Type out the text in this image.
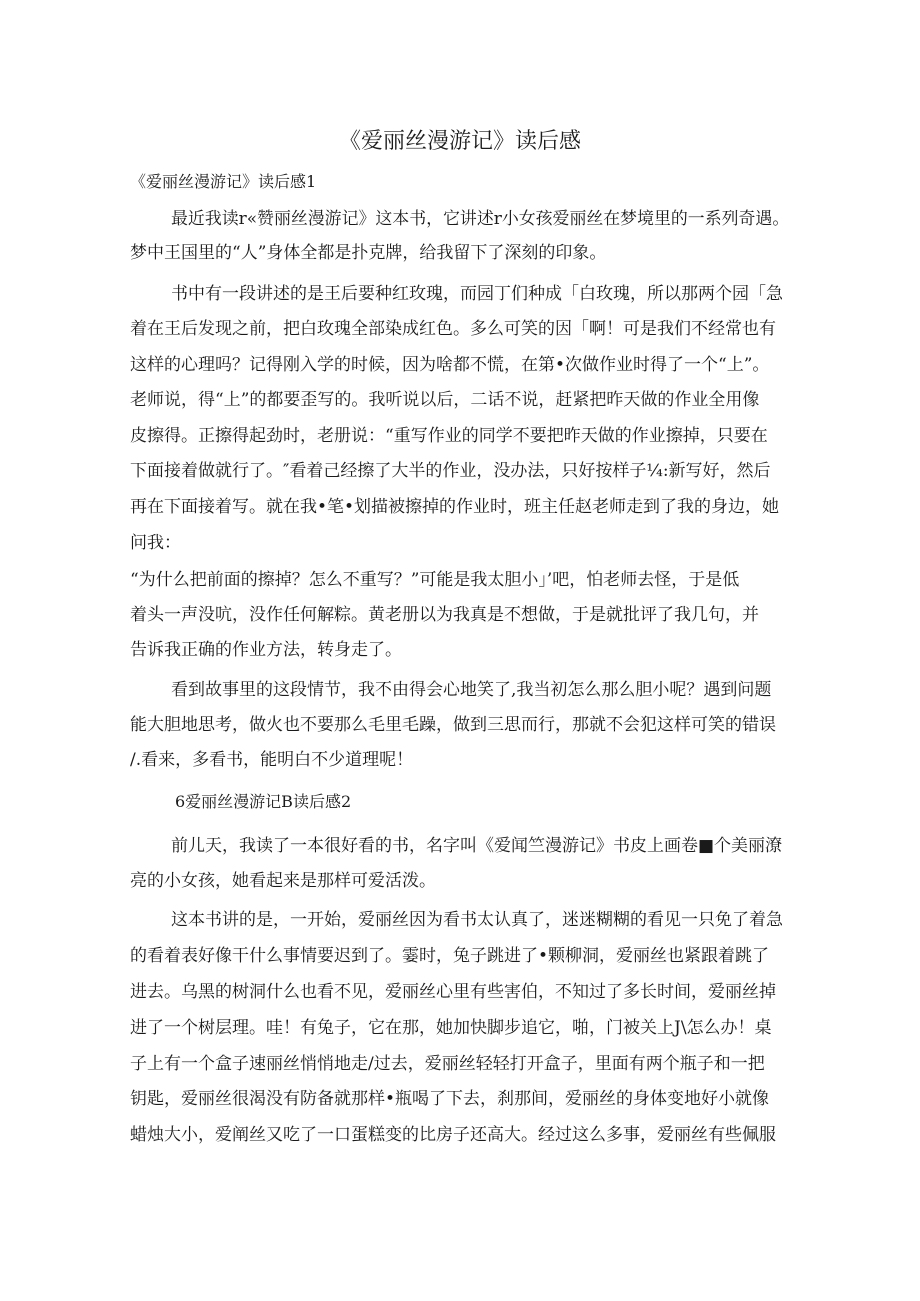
《爱丽丝漫游记》读后感

《爱丽丝漫游记》读后感1

最近我读r«赞丽丝漫游记》这本书，它讲述r小女孩爱丽丝在梦境里的一系列奇遇。

梦中王国里的“人”身体全都是扑克牌，给我留下了深刻的印象。

书中有一段讲述的是王后要种红玫瑰，而园丁们种成「白玫瑰，所以那两个园「急

着在王后发现之前，把白玫瑰全部染成红色。多么可笑的因「啊！可是我们不经常也有

这样的心理吗？记得刚入学的时候，因为啥都不慌，在第•次做作业时得了一个“上”。

老师说，得“上”的都要歪写的。我听说以后，二话不说，赶紧把昨天做的作业全用像

皮擦得。正擦得起劲时，老册说：“重写作业的同学不要把昨天做的作业擦掉，只要在

下面接着做就行了。″看着己经擦了大半的作业，没办法，只好按样子¼:新写好，然后

再在下面接着写。就在我•笔•划描被擦掉的作业时，班主任赵老师走到了我的身边，她

问我：

“为什么把前面的擦掉？怎么不重写？”可能是我太胆小」’吧，怕老师去怪，于是低

着头一声没吭，没作任何解粽。黄老册以为我真是不想做，于是就批评了我几句，并

告诉我正确的作业方法，转身走了。

看到故事里的这段情节，我不由得会心地笑了,我当初怎么那么胆小呢？遇到问题

能大胆地思考，做火也不要那么毛里毛躁，做到三思而行，那就不会犯这样可笑的错误

/.看来，多看书，能明白不少道理呢！

6爱丽丝漫游记B读后感2

前儿天，我读了一本很好看的书，名字叫《爱闻竺漫游记》书皮上画卷■个美丽潦

亮的小女孩，她看起来是那样可爱活泼。

这本书讲的是，一开始，爱丽丝因为看书太认真了，迷迷糊糊的看见一只免了着急

的看着表好像干什么事情要迟到了。霎时，兔子跳进了•颗柳洞，爱丽丝也紧跟着跳了

进去。乌黑的树洞什么也看不见，爱丽丝心里有些害伯，不知过了多长时间，爱丽丝掉

进了一个树层理。哇！有兔子，它在那，她加快脚步追它，啪，门被关上J\怎么办！桌

子上有一个盒子速丽丝悄悄地走/过去，爱丽丝轻轻打开盒子，里面有两个瓶子和一把

钥匙，爱丽丝很渴没有防备就那样•瓶喝了下去，刹那间，爱丽丝的身体变地好小就像

蜡烛大小，爱阐丝又吃了一口蛋糕变的比房子还高大。经过这么多事，爱丽丝有些佩服
